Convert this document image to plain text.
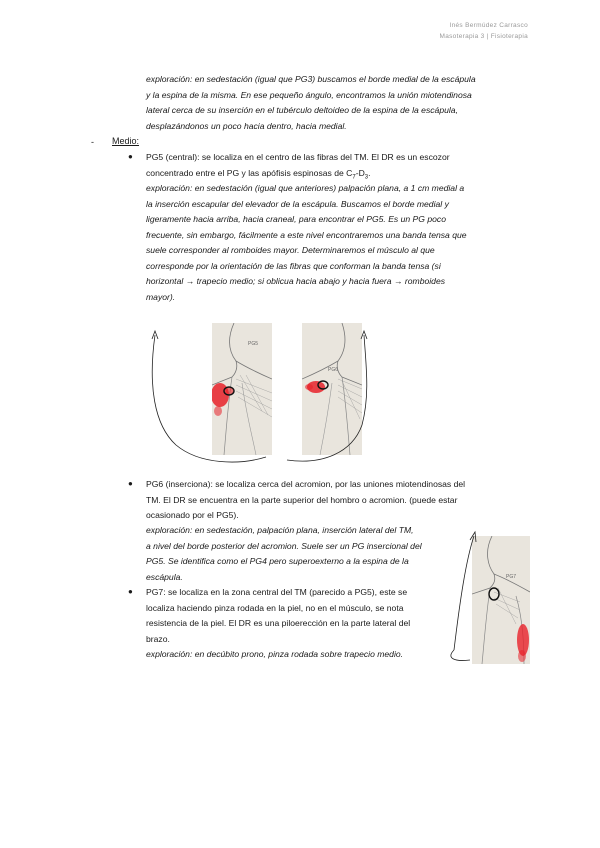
Inés Bermúdez Carrasco
Masoterapia 3 | Fisioterapia
exploración: en sedestación (igual que PG3) buscamos el borde medial de la escápula
y la espina de la misma. En ese pequeño ángulo, encontramos la unión miotendinosa
lateral cerca de su inserción en el tubérculo deltoideo de la espina de la escápula,
desplazándonos un poco hacia dentro, hacia medial.
- Medio:
● PG5 (central): se localiza en el centro de las fibras del TM. El DR es un escozor
concentrado entre el PG y las apófisis espinosas de $C_7-D_3$.
exploración: en sedestación (igual que anteriores) palpación plana, a 1 cm medial a
la inserción escapular del elevador de la escápula. Buscamos el borde medial y
ligeramente hacia arriba, hacia craneal, para encontrar el PG5. Es un PG poco
frecuente, sin embargo, fácilmente a este nivel encontraremos una banda tensa que
suele corresponder al romboides mayor. Determinaremos el músculo al que
corresponde por la orientación de las fibras que conforman la banda tensa (si
horizontal → trapecio medio; si oblicua hacia abajo y hacia fuera → romboides
mayor).
PG5
PG6
● PG6 (inserciona): se localiza cerca del acromion, por las uniones miotendinosas del
TM. El DR se encuentra en la parte superior del hombro o acromion. (puede estar
ocasionado por el PG5).
exploración: en sedestación, palpación plana, inserción lateral del TM,
a nivel del borde posterior del acromion. Suele ser un PG insercional del
PG5. Se identifica como el PG4 pero superoexterno a la espina de la
escápula.
● PG7: se localiza en la zona central del TM (parecido a PG5), este se
localiza haciendo pinza rodada en la piel, no en el músculo, se nota
resistencia de la piel. El DR es una piloerección en la parte lateral del
brazo.
exploración: en decúbito prono, pinza rodada sobre trapecio medio.
PG7
